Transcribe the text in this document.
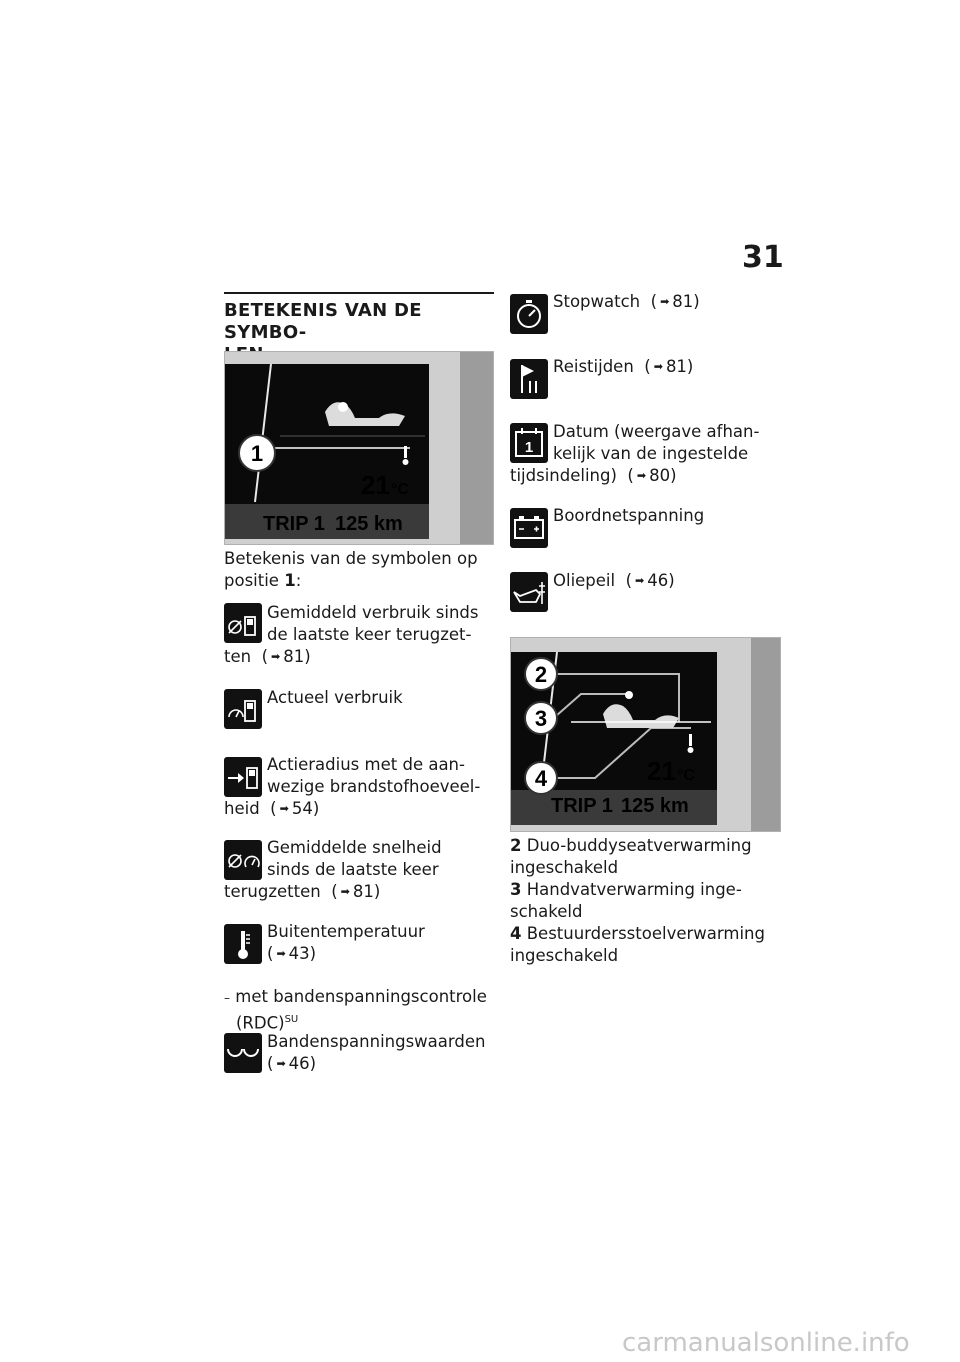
31
BETEKENIS VAN DE SYMBO-

1
21 °C
TRIP 1 125 km
Betekenis van de symbolen op
positie 1:
Gemiddeld verbruik sinds
de laatste keer terugzet-
ten ( ➡ 81)
Actueel verbruik
Actieradius met de aan-
wezige brandstofhoeveel-
heid ( ➡ 54)
Gemiddelde snelheid
sinds de laatste keer
terugzetten ( ➡ 81)
Buitentemperatuur
( ➡ 43)
– met bandenspanningscontrole
(RDC)$^{SU}$
Bandenspanningswaarden
( ➡ 46)
Stopwatch ( ➡ 81)
Reistijden ( ➡ 81)
1
Datum (weergave afhan-
kelijk van de ingestelde
tijdsindeling) ( ➡ 80)
Boordnetspanning
Oliepeil ( ➡ 46)
2
3
4	21 °C
TRIP 1 125 km
2 Duo-buddyseatverwarming
ingeschakeld
3 Handvatverwarming inge-
schakeld
4 Bestuurdersstoelverwarming
ingeschakeld
carmanualsonline.info
